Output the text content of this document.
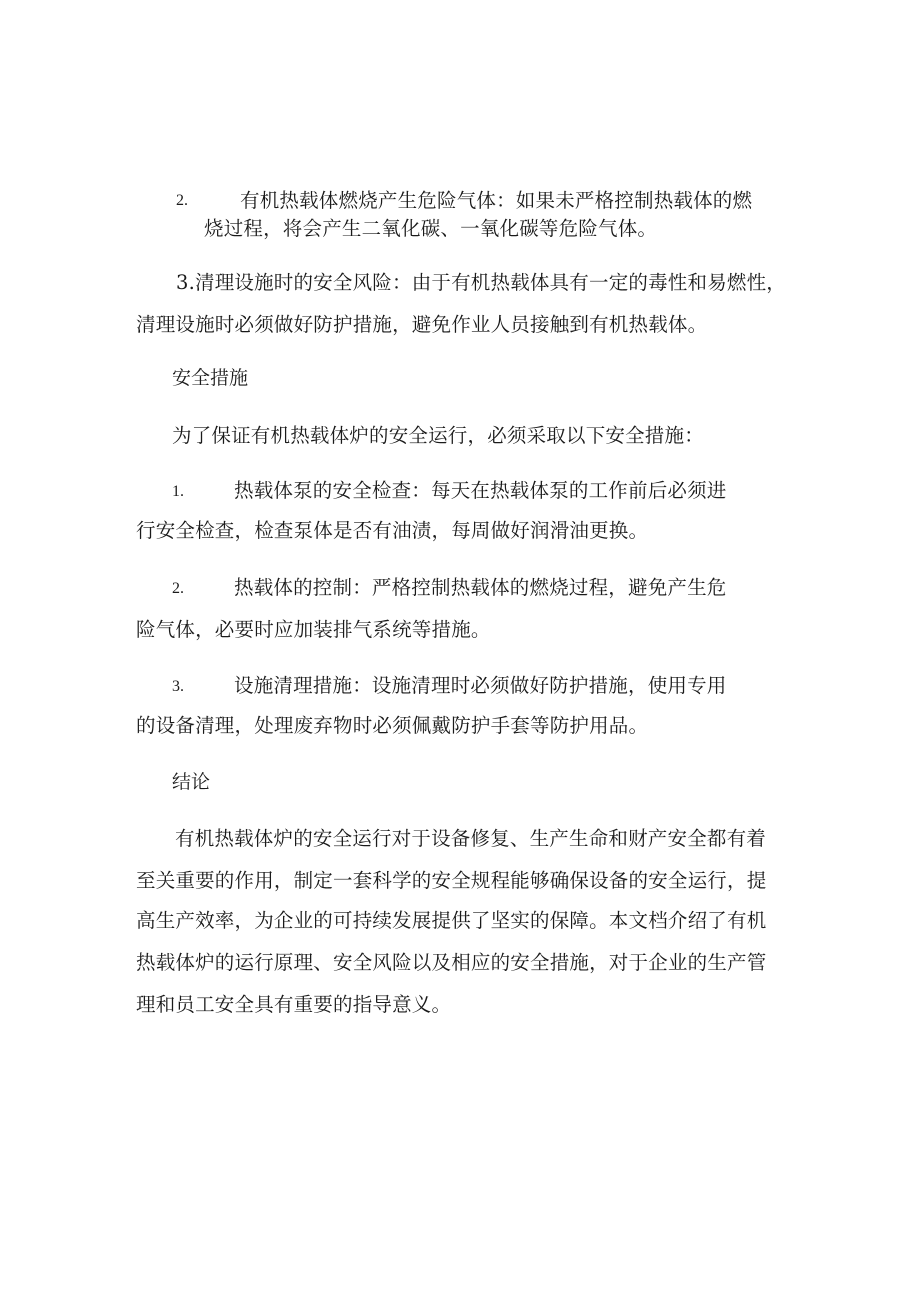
2.	有机热载体燃烧产生危险气体：如果未严格控制热载体的燃
烧过程，将会产生二氧化碳、一氧化碳等危险气体。
3.清理设施时的安全风险：由于有机热载体具有一定的毒性和易燃性，
清理设施时必须做好防护措施，避免作业人员接触到有机热载体。
安全措施
为了保证有机热载体炉的安全运行，必须采取以下安全措施：
1.	热载体泵的安全检查：每天在热载体泵的工作前后必须进
行安全检查，检查泵体是否有油渍，每周做好润滑油更换。
2.	热载体的控制：严格控制热载体的燃烧过程，避免产生危
险气体，必要时应加装排气系统等措施。
3.	设施清理措施：设施清理时必须做好防护措施，使用专用
的设备清理，处理废弃物时必须佩戴防护手套等防护用品。
结论
有机热载体炉的安全运行对于设备修复、生产生命和财产安全都有着
至关重要的作用，制定一套科学的安全规程能够确保设备的安全运行，提
高生产效率，为企业的可持续发展提供了坚实的保障。本文档介绍了有机
热载体炉的运行原理、安全风险以及相应的安全措施，对于企业的生产管
理和员工安全具有重要的指导意义。
